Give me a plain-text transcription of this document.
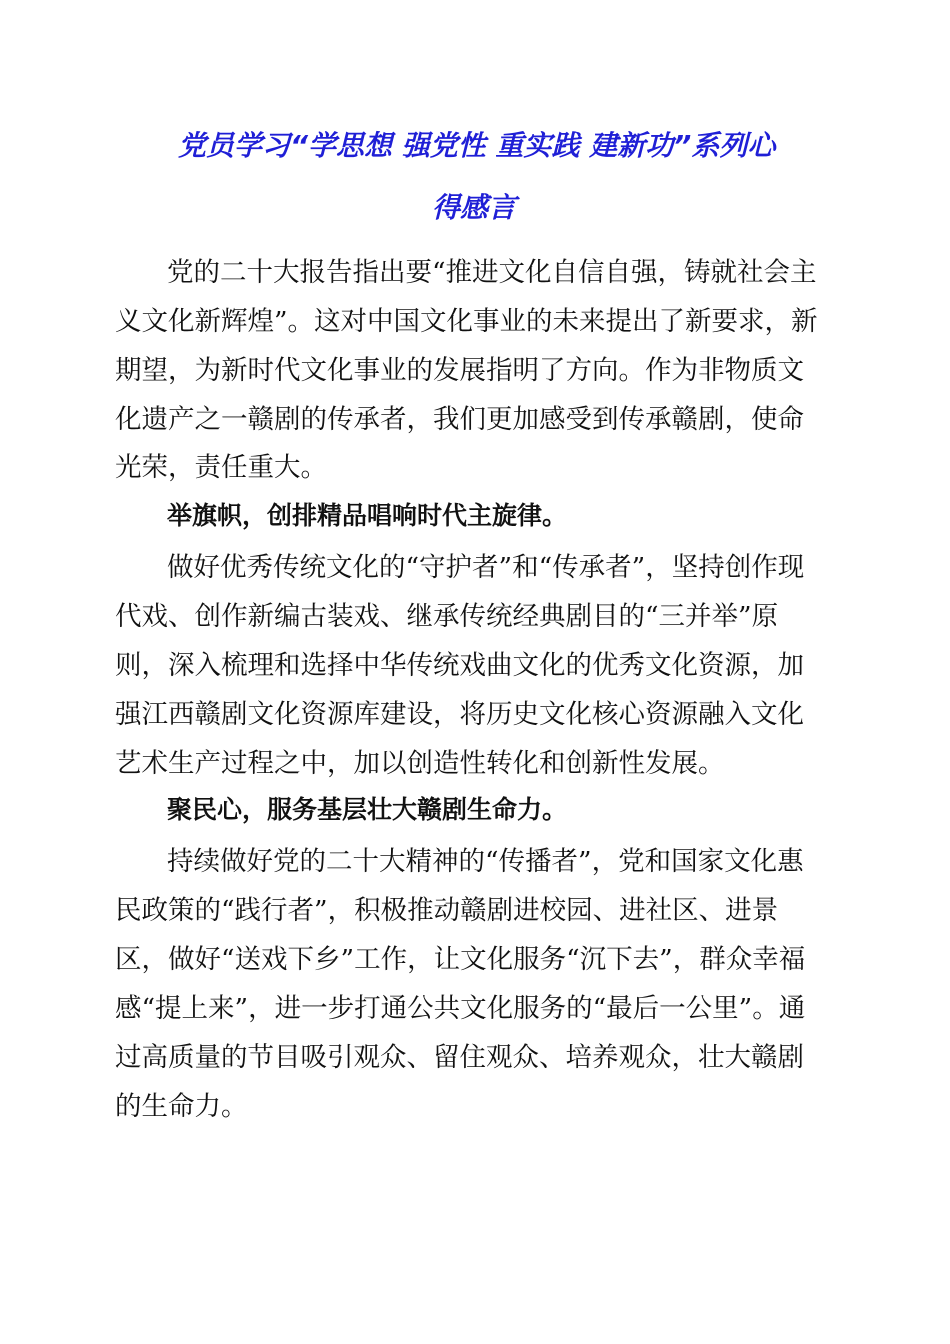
党员学习“学思想 强党性 重实践 建新功”系列心
得感言
党的二十大报告指出要“推进文化自信自强，铸就社会主
义文化新辉煌”。这对中国文化事业的未来提出了新要求，新
期望，为新时代文化事业的发展指明了方向。作为非物质文
化遗产之一赣剧的传承者，我们更加感受到传承赣剧，使命
光荣，责任重大。
举旗帜，创排精品唱响时代主旋律。
做好优秀传统文化的“守护者”和“传承者”，坚持创作现
代戏、创作新编古装戏、继承传统经典剧目的“三并举”原
则，深入梳理和选择中华传统戏曲文化的优秀文化资源，加
强江西赣剧文化资源库建设，将历史文化核心资源融入文化
艺术生产过程之中，加以创造性转化和创新性发展。
聚民心，服务基层壮大赣剧生命力。
持续做好党的二十大精神的“传播者”，党和国家文化惠
民政策的“践行者”，积极推动赣剧进校园、进社区、进景
区，做好“送戏下乡”工作，让文化服务“沉下去”，群众幸福
感“提上来”，进一步打通公共文化服务的“最后一公里”。通
过高质量的节目吸引观众、留住观众、培养观众，壮大赣剧
的生命力。
